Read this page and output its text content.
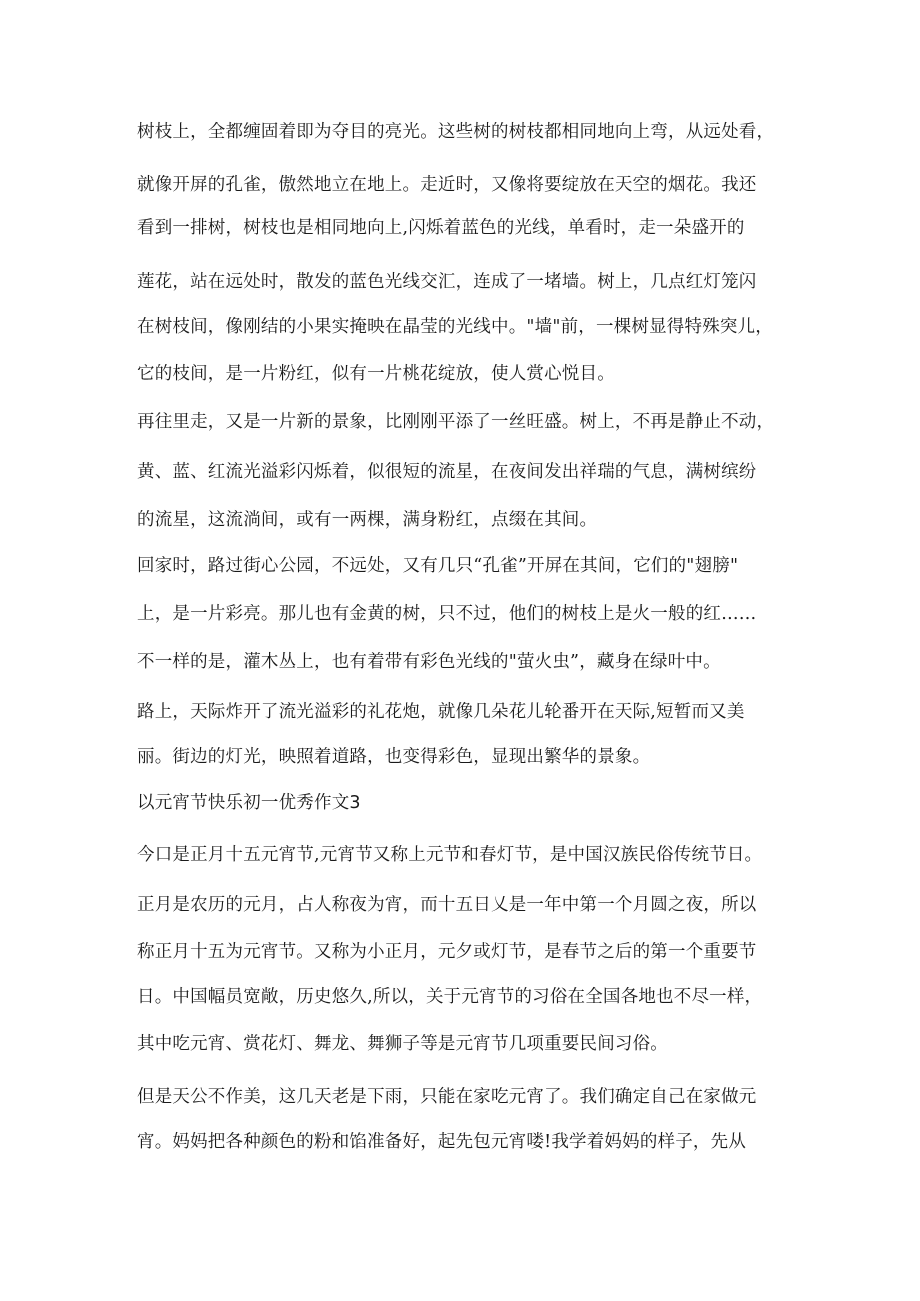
树枝上，全都缠固着即为夺目的亮光。这些树的树枝都相同地向上弯，从远处看，
就像开屏的孔雀，傲然地立在地上。走近时，又像将要绽放在天空的烟花。我还
看到一排树，树枝也是相同地向上,闪烁着蓝色的光线，单看时，走一朵盛开的
莲花，站在远处时，散发的蓝色光线交汇，连成了一堵墙。树上，几点红灯笼闪
在树枝间，像刚结的小果实掩映在晶莹的光线中。"墙"前，一棵树显得特殊突儿，
它的枝间，是一片粉红，似有一片桃花绽放，使人赏心悦目。
再往里走，又是一片新的景象，比刚刚平添了一丝旺盛。树上，不再是静止不动，
黄、蓝、红流光溢彩闪烁着，似很短的流星，在夜间发出祥瑞的气息，满树缤纷
的流星，这流淌间，或有一两棵，满身粉红，点缀在其间。
回家时，路过街心公园，不远处，又有几只“孔雀”开屏在其间，它们的"翅膀"
上，是一片彩亮。那儿也有金黄的树，只不过，他们的树枝上是火一般的红……
不一样的是，灌木丛上，也有着带有彩色光线的"萤火虫”，藏身在绿叶中。
路上，天际炸开了流光溢彩的礼花炮，就像几朵花儿轮番开在天际,短暂而又美
丽。街边的灯光，映照着道路，也变得彩色，显现出繁华的景象。
以元宵节快乐初一优秀作文3
今口是正月十五元宵节,元宵节又称上元节和春灯节，是中国汉族民俗传统节日。
正月是农历的元月，占人称夜为宵，而十五日乂是一年中第一个月圆之夜，所以
称正月十五为元宵节。又称为小正月，元夕或灯节，是春节之后的第一个重要节
日。中国幅员宽敞，历史悠久,所以，关于元宵节的习俗在全国各地也不尽一样，
其中吃元宵、赏花灯、舞龙、舞狮子等是元宵节几项重要民间习俗。
但是天公不作美，这几天老是下雨，只能在家吃元宵了。我们确定自己在家做元
宵。妈妈把各种颜色的粉和馅准备好，起先包元宵喽!我学着妈妈的样子，先从
